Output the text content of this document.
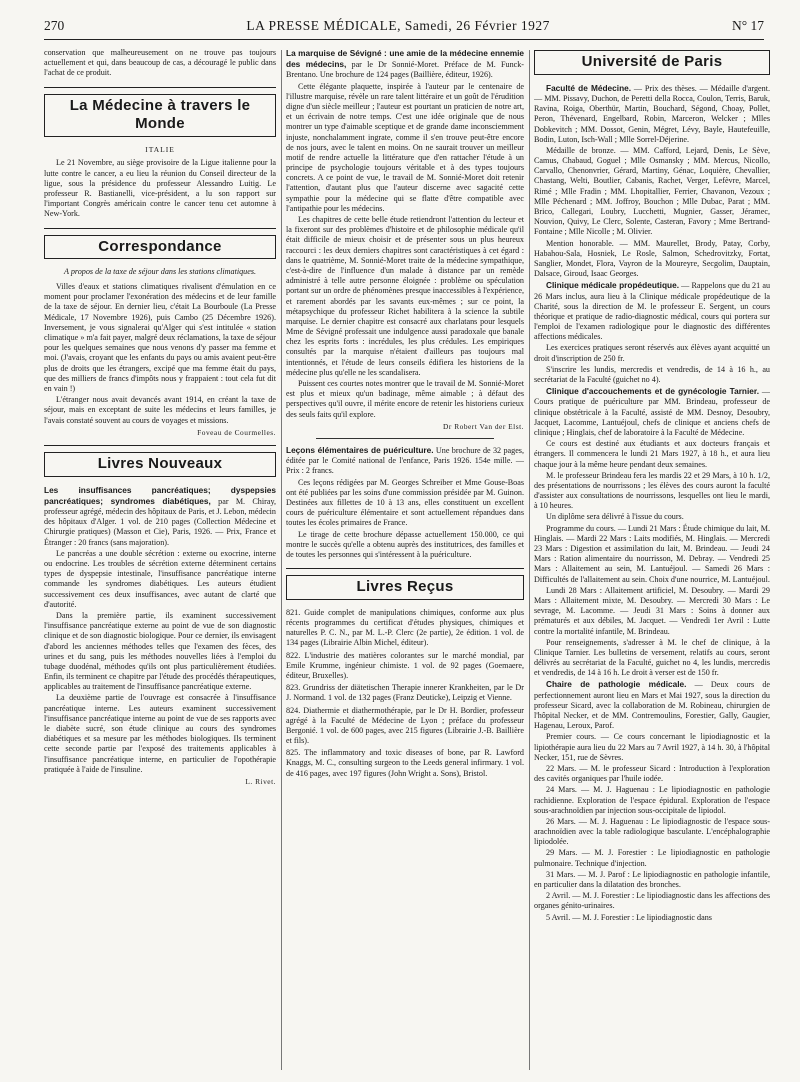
270	LA PRESSE MÉDICALE, Samedi, 26 Février 1927	N° 17

conservation que malheureusement on ne trouve pas toujours actuellement et qui, dans beaucoup de cas, a découragé le public dans l'achat de ce produit.

La Médecine à travers le Monde
ITALIE

Le 21 Novembre, au siège provisoire de la Ligue italienne pour la lutte contre le cancer, a eu lieu la réunion du Conseil directeur de la ligue, sous la présidence du professeur Alessandro Luitig. Le professeur R. Bastianelli, vice-président, a lu son rapport sur l'important Congrès américain contre le cancer tenu cet automne à New-York.

Correspondance
A propos de la taxe de séjour dans les stations climatiques.

Villes d'eaux et stations climatiques rivalisent d'émulation en ce moment pour proclamer l'exonération des médecins et de leur famille de la taxe de séjour. En dernier lieu, c'était La Bourboule (La Presse Médicale, 17 Novembre 1926), puis Cambo (25 Décembre 1926). Inversement, je vous signalerai qu'Alger qui s'est intitulée « station climatique » m'a fait payer, malgré deux réclamations, la taxe de séjour pour les quelques semaines que nous venons d'y passer ma femme et moi. (J'avais, croyant que les enfants du pays ou amis avaient peut-être plus de droits que les étrangers, excipé que ma femme était du pays, que des milliers de francs d'impôts nous y frappaient : tout cela fut dit en vain !)

L'étranger nous avait devancés avant 1914, en créant la taxe de séjour, mais en exceptant de suite les médecins et leurs familles, je l'avais constaté souvent au cours de voyages et missions.

Foveau de Courmelles.
Livres Nouveaux

Les insuffisances pancréatiques; dyspepsies pancréatiques; syndromes diabétiques, par M. Chiray, professeur agrégé, médecin des hôpitaux de Paris, et J. Lebon, médecin des hôpitaux d'Alger. 1 vol. de 210 pages (Collection Médecine et Chirurgie pratiques) (Masson et Cie), Paris, 1926. — Prix, France et Étranger : 20 francs (sans majoration).

Le pancréas a une double sécrétion : externe ou exocrine, interne ou endocrine. Les troubles de sécrétion externe déterminent certains types de dyspepsie intestinale, l'insuffisance pancréatique interne commande les syndromes diabétiques. Les auteurs étudient successivement ces deux insuffisances, avec autant de clarté que d'autorité.

Dans la première partie, ils examinent successivement l'insuffisance pancréatique externe au point de vue de son diagnostic clinique et de son diagnostic biologique. Pour ce dernier, ils envisagent d'abord les anciennes méthodes telles que l'examen des fèces, des urines et du sang, puis les méthodes nouvelles liées à l'emploi du tubage duodénal, méthodes qu'ils ont plus particulièrement étudiées. Enfin, ils terminent ce chapitre par l'étude des procédés thérapeutiques, applicables au traitement de l'insuffisance pancréatique externe.

La deuxième partie de l'ouvrage est consacrée à l'insuffisance pancréatique interne. Les auteurs examinent successivement l'insuffisance pancréatique interne au point de vue de ses rapports avec le diabète sucré, son étude clinique au cours des syndromes diabétiques et sa mesure par les méthodes biologiques. Ils terminent cette seconde partie par l'exposé des traitements applicables à l'insuffisance pancréatique interne, en particulier de l'opothérapie pratiquée à l'aide de l'insuline.

L. Rivet.

La marquise de Sévigné : une amie de la médecine ennemie des médecins, par le Dr Sonnié-Moret. Préface de M. Funck-Brentano. Une brochure de 124 pages (Baillière, éditeur, 1926).

Cette élégante plaquette, inspirée à l'auteur par le centenaire de l'illustre marquise, révèle un rare talent littéraire et un goût de l'érudition digne d'un siècle meilleur ; l'auteur est pourtant un praticien de notre art, et un écrivain de notre temps. C'est une idée originale que de nous montrer un type d'aimable sceptique et de grande dame inconsciemment injuste, nonchalamment ingrate, comme il s'en trouve peut-être encore de nos jours, avec le talent en moins. On ne saurait trouver un meilleur motif de rendre actuelle la littérature que d'en rattacher l'étude à un principe de psychologie toujours véritable et à des types toujours concrets. A ce point de vue, le travail de M. Sonnié-Moret doit retenir l'attention, d'autant plus que l'auteur discerne avec sagacité cette sympathie pour la médecine qui se flatte d'être compatible avec l'antipathie pour les médecins.

Les chapitres de cette belle étude retiendront l'attention du lecteur et la fixeront sur des problèmes d'histoire et de philosophie médicale qu'il était difficile de mieux choisir et de présenter sous un plus heureux raccourci : les deux derniers chapitres sont caractéristiques à cet égard : dans le quatrième, M. Sonnié-Moret traite de la médecine sympathique, c'est-à-dire de l'influence d'un malade à distance par un remède administré à telle autre personne éloignée : problème ou spéculation portant sur un ordre de phénomènes presque inaccessibles à l'expérience, et rarement abordés par les savants eux-mêmes ; sur ce point, la métapsychique du professeur Richet habilitera à la science la subtile marquise. Le dernier chapitre est consacré aux charlatans pour lesquels Mme de Sévigné professait une indulgence aussi paradoxale que banale chez les esprits forts : incrédules, les plus crédules. Les empiriques consultés par la marquise n'étaient d'ailleurs pas toujours mal intentionnés, et l'étude de leurs conseils édifiera les historiens de la médecine plus qu'elle ne les scandalisera.

Puissent ces courtes notes montrer que le travail de M. Sonnié-Moret est plus et mieux qu'un badinage, même aimable ; à défaut des perspectives qu'il ouvre, il mérite encore de retenir les historiens curieux des seuls faits qu'il explore.

Dr Robert Van der Elst.

Leçons élémentaires de puériculture. Une brochure de 32 pages, éditée par le Comité national de l'enfance, Paris 1926. 154e mille. — Prix : 2 francs.

Ces leçons rédigées par M. Georges Schreiber et Mme Gouse-Boas ont été publiées par les soins d'une commission présidée par M. Guinon. Destinées aux fillettes de 10 à 13 ans, elles constituent un excellent cours de puériculture élémentaire et sont actuellement répandues dans toutes les écoles primaires de France.

Le tirage de cette brochure dépasse actuellement 150.000, ce qui montre le succès qu'elle a obtenu auprès des institutrices, des familles et de toutes les personnes qui s'intéressent à la puériculture.

Livres Reçus

821. Guide complet de manipulations chimiques, conforme aux plus récents programmes du certificat d'études physiques, chimiques et naturelles P. C. N., par M. L.-P. Clerc (2e partie), 2e édition. 1 vol. de 134 pages (Librairie Albin Michel, éditeur).

822. L'industrie des matières colorantes sur le marché mondial, par Emile Krumme, ingénieur chimiste. 1 vol. de 92 pages (Goemaere, éditeur, Bruxelles).

823. Grundriss der diätetischen Therapie innerer Krankheiten, par le Dr J. Normand. 1 vol. de 132 pages (Franz Deuticke), Leipzig et Vienne.

824. Diathermie et diathermothérapie, par le Dr H. Bordier, professeur agrégé à la Faculté de Médecine de Lyon ; préface du professeur Bergonié. 1 vol. de 600 pages, avec 215 figures (Librairie J.-B. Baillière et fils).

825. The inflammatory and toxic diseases of bone, par R. Lawford Knaggs, M. C., consulting surgeon to the Leeds general infirmary. 1 vol. de 416 pages, avec 197 figures (John Wright a. Sons), Bristol.

Université de Paris

Faculté de Médecine. — Prix des thèses. — Médaille d'argent. — MM. Pissavy, Duchon, de Peretti della Rocca, Coulon, Terris, Baruk, Ravina, Roiga, Oberthür, Martin, Bouchard, Ségond, Choay, Pollet, Peron, Thévenard, Engelbard, Robin, Marceron, Welcker ; Mlles Dobkevitch ; MM. Dossot, Genin, Mégret, Lévy, Bayle, Hautefeuille, Bodin, Luton, Isch-Wall ; Mlle Sorrel-Déjerine.

Médaille de bronze. — MM. Cafford, Lejard, Denis, Le Sève, Camus, Chabaud, Goguel ; Mlle Osmansky ; MM. Mercus, Nicollo, Carvallo, Chenonvrier, Gérard, Martiny, Génac, Loquière, Chevallier, Chastang, Welti, Boutlier, Cabanis, Rachet, Verger, Lefèvre, Marcel, Rimé ; Mlle Fradin ; MM. Lhopitallier, Ferrier, Chavanon, Vezoux ; Mlle Péchenard ; MM. Joffroy, Bouchon ; Mlle Dubac, Parat ; MM. Brico, Callegari, Loubry, Lucchetti, Mugnier, Gasser, Jéramec, Nouvion, Quivy, Le Clerc, Solente, Casteran, Favory ; Mme Bertrand-Fontaine ; Mlle Nicolle ; M. Olivier.

Mention honorable. — MM. Maurellet, Brody, Patay, Corby, Habahou-Sala, Hosniek, Le Rosle, Salmon, Schedrovitzky, Fortat, Sanglier, Mondet, Flora, Vayron de la Moureyre, Secgolim, Dauptain, Dalsace, Giroud, Isaac Georges.

Clinique médicale propédeutique. — Rappelons que du 21 au 26 Mars inclus, aura lieu à la Clinique médicale propédeutique de la Charité, sous la direction de M. le professeur E. Sergent, un cours théorique et pratique de radio-diagnostic médical, cours qui portera sur l'emploi de l'examen radiologique pour le diagnostic des différentes affections médicales.

Les exercices pratiques seront réservés aux élèves ayant acquitté un droit d'inscription de 250 fr.

S'inscrire les lundis, mercredis et vendredis, de 14 à 16 h., au secrétariat de la Faculté (guichet no 4).

Clinique d'accouchements et de gynécologie Tarnier. — Cours pratique de puériculture par MM. Brindeau, professeur de clinique obstétricale à la Faculté, assisté de MM. Desnoy, Desoubry, Jacquet, Lacomme, Lantuéjoul, chefs de clinique et anciens chefs de clinique ; Hinglais, chef de laboratoire à la Faculté de Médecine.

Ce cours est destiné aux étudiants et aux docteurs français et étrangers. Il commencera le lundi 21 Mars 1927, à 18 h., et aura lieu chaque jour à la même heure pendant deux semaines.

M. le professeur Brindeau fera les mardis 22 et 29 Mars, à 10 h. 1/2, des présentations de nourrissons ; les élèves des cours auront la faculté d'assister aux consultations de nourrissons, lesquelles ont lieu le mardi, à 10 heures.

Un diplôme sera délivré à l'issue du cours.

Programme du cours. — Lundi 21 Mars : Étude chimique du lait, M. Hinglais. — Mardi 22 Mars : Laits modifiés, M. Hinglais. — Mercredi 23 Mars : Digestion et assimilation du lait, M. Brindeau. — Jeudi 24 Mars : Ration alimentaire du nourrisson, M. Debray. — Vendredi 25 Mars : Allaitement au sein, M. Lantuéjoul. — Samedi 26 Mars : Difficultés de l'allaitement au sein. Choix d'une nourrice, M. Lantuéjoul.

Lundi 28 Mars : Allaitement artificiel, M. Desoubry. — Mardi 29 Mars : Allaitement mixte, M. Desoubry. — Mercredi 30 Mars : Le sevrage, M. Lacomme. — Jeudi 31 Mars : Soins à donner aux prématurés et aux débiles, M. Jacquet. — Vendredi 1er Avril : Lutte contre la mortalité infantile, M. Brindeau.

Pour renseignements, s'adresser à M. le chef de clinique, à la Clinique Tarnier. Les bulletins de versement, relatifs au cours, seront délivrés au secrétariat de la Faculté, guichet no 4, les lundis, mercredis et vendredis, de 14 à 16 h. Le droit à verser est de 150 fr.

Chaire de pathologie médicale. — Deux cours de perfectionnement auront lieu en Mars et Mai 1927, sous la direction du professeur Sicard, avec la collaboration de M. Robineau, chirurgien de l'hôpital Necker, et de MM. Contremoulins, Forestier, Gally, Gaugier, Hagenau, Leroux, Parof.

Premier cours. — Ce cours concernant le lipiodiagnostic et la lipiothérapie aura lieu du 22 Mars au 7 Avril 1927, à 14 h. 30, à l'hôpital Necker, 151, rue de Sèvres.

22 Mars. — M. le professeur Sicard : Introduction à l'exploration des cavités organiques par l'huile iodée.

24 Mars. — M. J. Haguenau : Le lipiodiagnostic en pathologie rachidienne. Exploration de l'espace épidural. Exploration de l'espace sous-arachnoïdien par injection sous-occipitale de lipiodol.

26 Mars. — M. J. Haguenau : Le lipiodiagnostic de l'espace sous-arachnoïdien avec la table radiologique basculante. L'encéphalographie lipiodolée.

29 Mars. — M. J. Forestier : Le lipiodiagnostic en pathologie pulmonaire. Technique d'injection.

31 Mars. — M. J. Parof : Le lipiodiagnostic en pathologie infantile, en particulier dans la dilatation des bronches.

2 Avril. — M. J. Forestier : Le lipiodiagnostic dans les affections des organes génito-urinaires.

5 Avril. — M. J. Forestier : Le lipiodiagnostic dans
